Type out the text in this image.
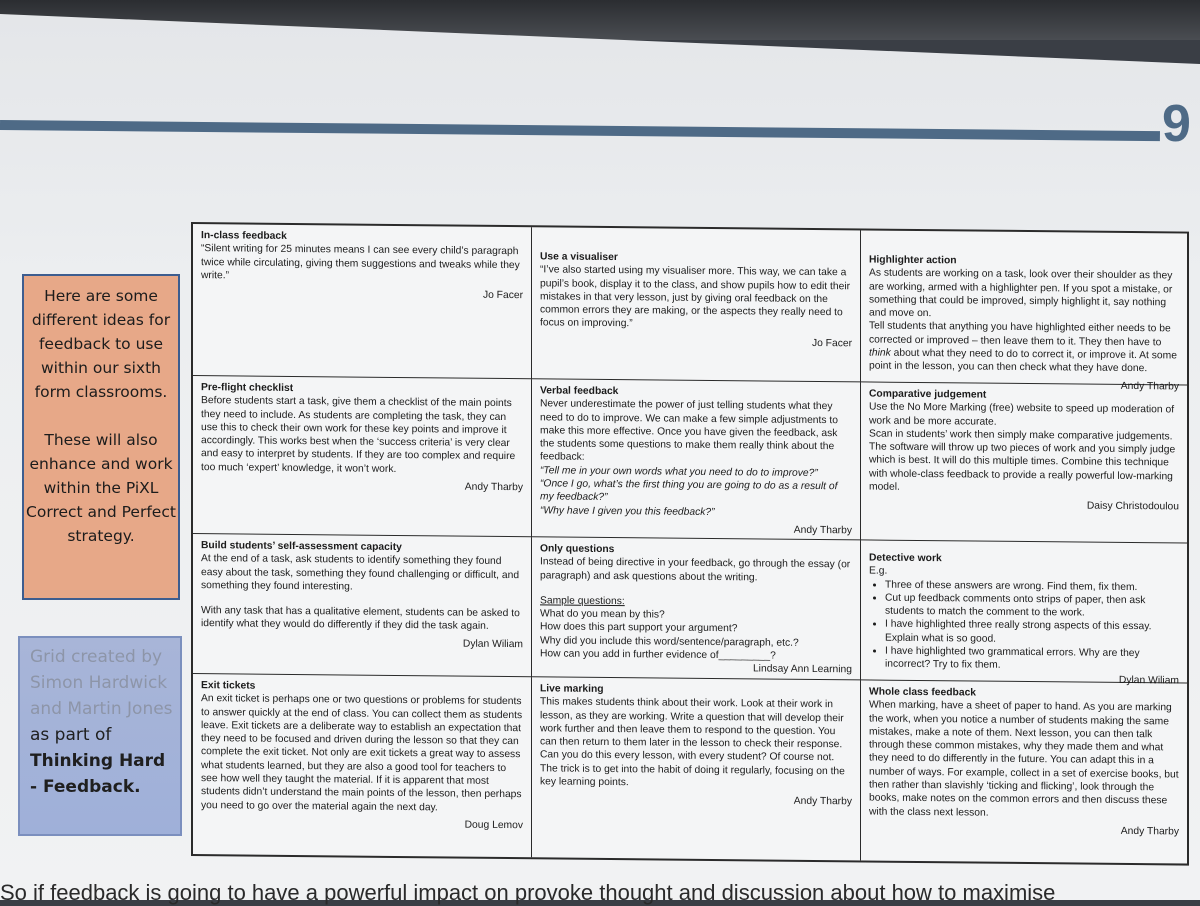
9

Here are some different ideas for feedback to use within our sixth form classrooms.

These will also enhance and work within the PiXL Correct and Perfect strategy.

Grid created by Simon Hardwick and Martin Jones as part of Thinking Hard - Feedback.
In-class feedback
“Silent writing for 25 minutes means I can see every child’s paragraph twice while circulating, giving them suggestions and tweaks while they write.”
Jo Facer
Use a visualiser
“I’ve also started using my visualiser more. This way, we can take a pupil’s book, display it to the class, and show pupils how to edit their mistakes in that very lesson, just by giving oral feedback on the common errors they are making, or the aspects they really need to focus on improving.”
Jo Facer
Highlighter action
As students are working on a task, look over their shoulder as they are working, armed with a highlighter pen. If you spot a mistake, or something that could be improved, simply highlight it, say nothing and move on.
Tell students that anything you have highlighted either needs to be corrected or improved – then leave them to it. They then have to think about what they need to do to correct it, or improve it. At some point in the lesson, you can then check what they have done.
Andy Tharby
Pre-flight checklist
Before students start a task, give them a checklist of the main points they need to include. As students are completing the task, they can use this to check their own work for these key points and improve it accordingly. This works best when the ‘success criteria’ is very clear and easy to interpret by students. If they are too complex and require too much ‘expert’ knowledge, it won’t work.
Andy Tharby
Verbal feedback
Never underestimate the power of just telling students what they need to do to improve. We can make a few simple adjustments to make this more effective. Once you have given the feedback, ask the students some questions to make them really think about the feedback:
“Tell me in your own words what you need to do to improve?”
“Once I go, what’s the first thing you are going to do as a result of my feedback?”
“Why have I given you this feedback?”
Andy Tharby
Comparative judgement
Use the No More Marking (free) website to speed up moderation of work and be more accurate.
Scan in students’ work then simply make comparative judgements. The software will throw up two pieces of work and you simply judge which is best. It will do this multiple times. Combine this technique with whole-class feedback to provide a really powerful low-marking model.
Daisy Christodoulou
Build students’ self-assessment capacity
At the end of a task, ask students to identify something they found easy about the task, something they found challenging or difficult, and something they found interesting.
With any task that has a qualitative element, students can be asked to identify what they would do differently if they did the task again.
Dylan Wiliam
Only questions
Instead of being directive in your feedback, go through the essay (or paragraph) and ask questions about the writing.
Sample questions:
What do you mean by this?
How does this part support your argument?
Why did you include this word/sentence/paragraph, etc.?
How can you add in further evidence of_________?
Lindsay Ann Learning
Detective work
E.g.
• Three of these answers are wrong. Find them, fix them.
• Cut up feedback comments onto strips of paper, then ask students to match the comment to the work.
• I have highlighted three really strong aspects of this essay. Explain what is so good.
• I have highlighted two grammatical errors. Why are they incorrect? Try to fix them.
Dylan Wiliam
Exit tickets
An exit ticket is perhaps one or two questions or problems for students to answer quickly at the end of class. You can collect them as students leave. Exit tickets are a deliberate way to establish an expectation that they need to be focused and driven during the lesson so that they can complete the exit ticket. Not only are exit tickets a great way to assess what students learned, but they are also a good tool for teachers to see how well they taught the material. If it is apparent that most students didn’t understand the main points of the lesson, then perhaps you need to go over the material again the next day.
Doug Lemov
Live marking
This makes students think about their work. Look at their work in lesson, as they are working. Write a question that will develop their work further and then leave them to respond to the question. You can then return to them later in the lesson to check their response. Can you do this every lesson, with every student? Of course not. The trick is to get into the habit of doing it regularly, focusing on the key learning points.
Andy Tharby
Whole class feedback
When marking, have a sheet of paper to hand. As you are marking the work, when you notice a number of students making the same mistakes, make a note of them. Next lesson, you can then talk through these common mistakes, why they made them and what they need to do differently in the future. You can adapt this in a number of ways. For example, collect in a set of exercise books, but then rather than slavishly ‘ticking and flicking’, look through the books, make notes on the common errors and then discuss these with the class next lesson.
Andy Tharby
So if feedback is going to have a powerful impact on provoke thought and discussion about how to maximise
